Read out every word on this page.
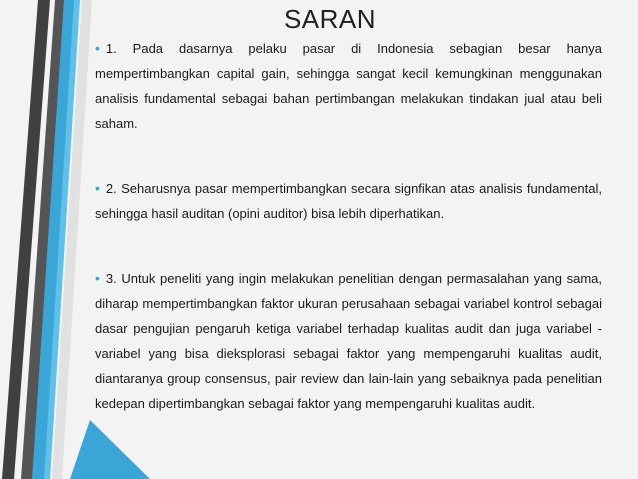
SARAN

• 1. Pada dasarnya pelaku pasar di Indonesia sebagian besar hanya mempertimbangkan capital gain, sehingga sangat kecil kemungkinan menggunakan analisis fundamental sebagai bahan pertimbangan melakukan tindakan jual atau beli saham.

• 2. Seharusnya pasar mempertimbangkan secara signfikan atas analisis fundamental, sehingga hasil auditan (opini auditor) bisa lebih diperhatikan.

• 3. Untuk peneliti yang ingin melakukan penelitian dengan permasalahan yang sama, diharap mempertimbangkan faktor ukuran perusahaan sebagai variabel kontrol sebagai dasar pengujian pengaruh ketiga variabel terhadap kualitas audit dan juga variabel - variabel yang bisa dieksplorasi sebagai faktor yang mempengaruhi kualitas audit, diantaranya group consensus, pair review dan lain-lain yang sebaiknya pada penelitian kedepan dipertimbangkan sebagai faktor yang mempengaruhi kualitas audit.
